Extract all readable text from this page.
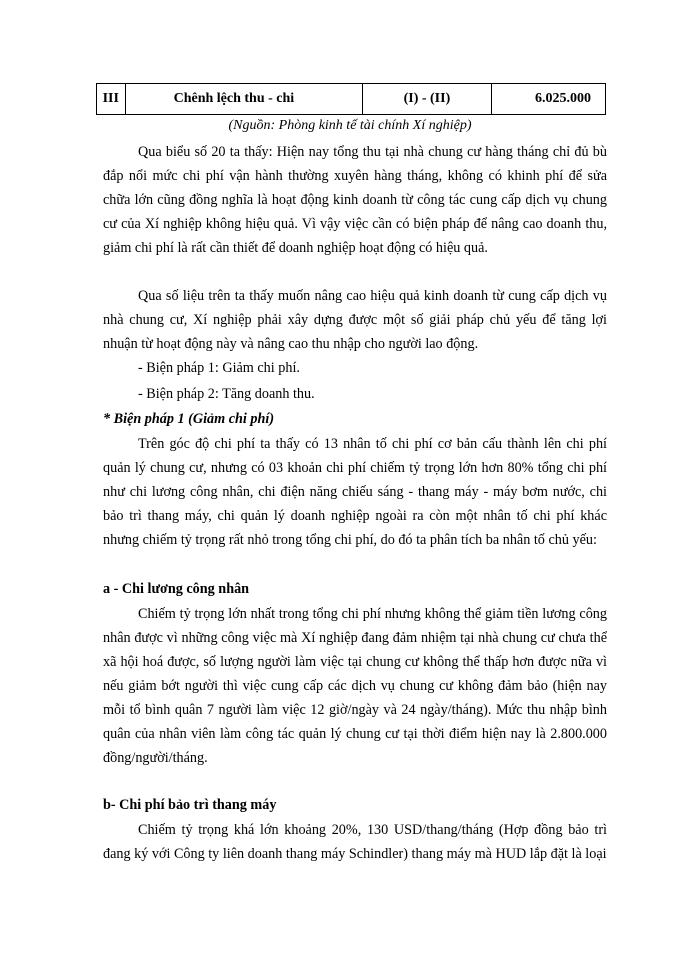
III	Chênh lệch thu - chi	(I) - (II)	6.025.000
(Nguồn: Phòng kinh tế tài chính Xí nghiệp)

Qua biểu số 20 ta thấy: Hiện nay tổng thu tại nhà chung cư hàng tháng chỉ đủ bù đắp nổi mức chi phí vận hành thường xuyên hàng tháng, không có khinh phí để sửa chữa lớn cũng đồng nghĩa là hoạt động kinh doanh từ công tác cung cấp dịch vụ chung cư của Xí nghiệp không hiệu quả. Vì vậy việc cần có biện pháp để nâng cao doanh thu, giảm chi phí là rất cần thiết để doanh nghiệp hoạt động có hiệu quả.

Qua số liệu trên ta thấy muốn nâng cao hiệu quả kinh doanh từ cung cấp dịch vụ nhà chung cư, Xí nghiệp phải xây dựng được một số giải pháp chủ yếu để tăng lợi nhuận từ hoạt động này và nâng cao thu nhập cho người lao động.

- Biện pháp 1: Giảm chi phí.
- Biện pháp 2: Tăng doanh thu.
* Biện pháp 1 (Giảm chi phí)

Trên góc độ chi phí ta thấy có 13 nhân tố chi phí cơ bản cấu thành lên chi phí quản lý chung cư, nhưng có 03 khoản chi phí chiếm tỷ trọng lớn hơn 80% tổng chi phí như chi lương công nhân, chi điện năng chiếu sáng - thang máy - máy bơm nước, chi bảo trì thang máy, chi quản lý doanh nghiệp ngoài ra còn một nhân tố chi phí khác nhưng chiếm tỷ trọng rất nhỏ trong tổng chi phí, do đó ta phân tích ba nhân tố chủ yếu:

a - Chi lương công nhân

Chiếm tỷ trọng lớn nhất trong tổng chi phí nhưng không thể giảm tiền lương công nhân được vì những công việc mà Xí nghiệp đang đảm nhiệm tại nhà chung cư chưa thể xã hội hoá được, số lượng người làm việc tại chung cư không thể thấp hơn được nữa vì nếu giảm bớt người thì việc cung cấp các dịch vụ chung cư không đảm bảo (hiện nay mỗi tổ bình quân 7 người làm việc 12 giờ/ngày và 24 ngày/tháng). Mức thu nhập bình quân của nhân viên làm công tác quản lý chung cư tại thời điểm hiện nay là 2.800.000 đồng/người/tháng.

b- Chi phí bảo trì thang máy

Chiếm tỷ trọng khá lớn khoảng 20%, 130 USD/thang/tháng (Hợp đồng bảo trì đang ký với Công ty liên doanh thang máy Schindler) thang máy mà HUD lắp đặt là loại
